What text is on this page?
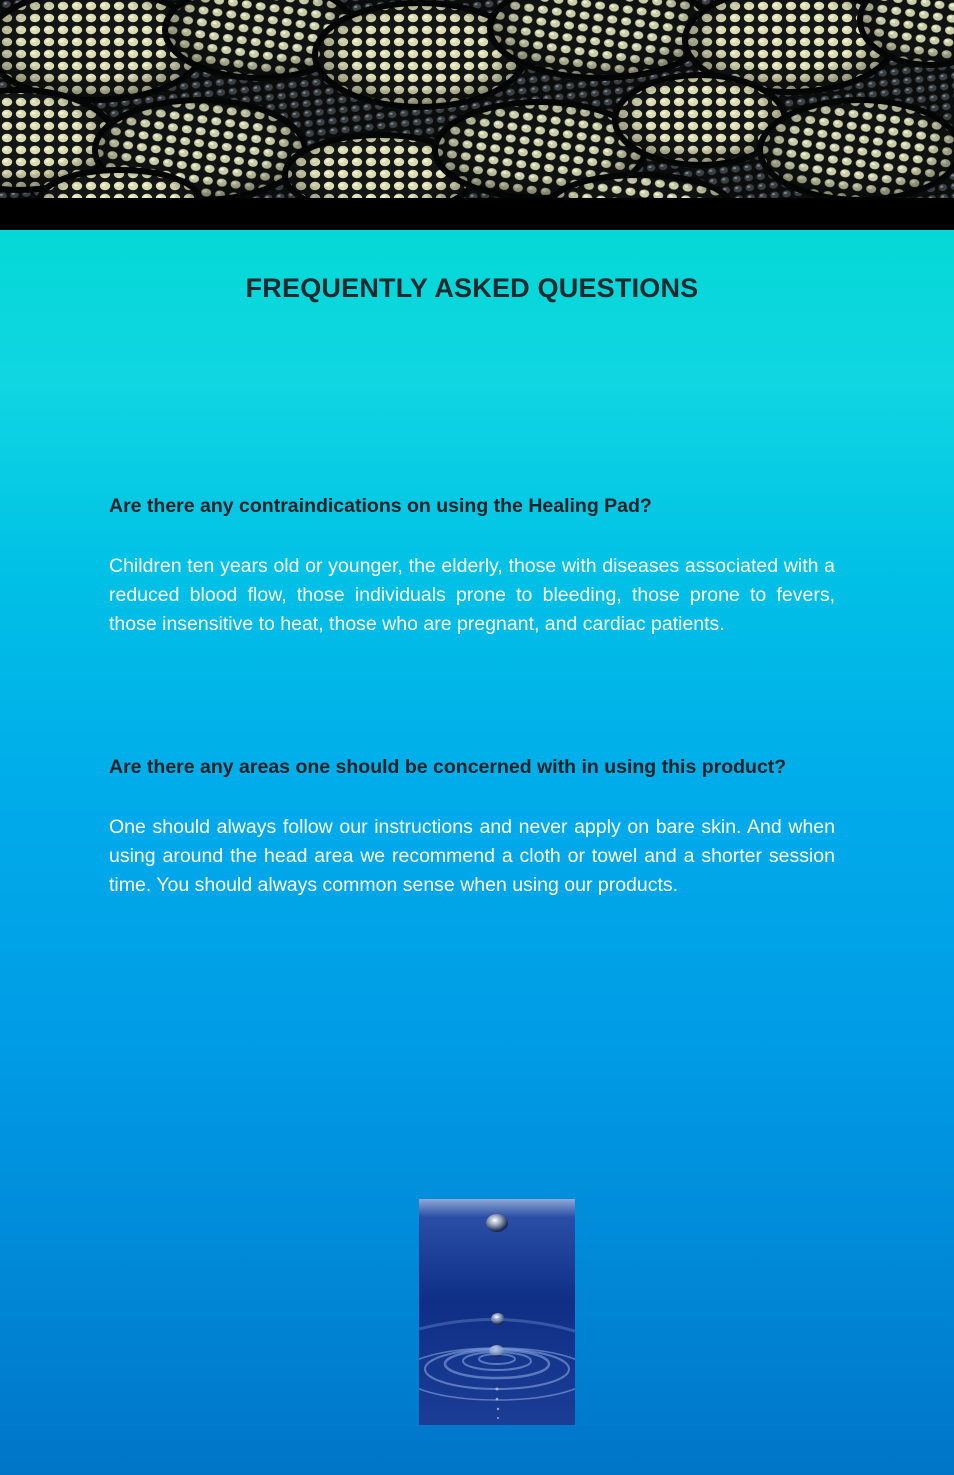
FREQUENTLY ASKED QUESTIONS
Are there any contraindications on using the Healing Pad?
Children ten years old or younger, the elderly, those with diseases associated with a reduced blood flow, those individuals prone to bleeding, those prone to fevers, those insensitive to heat, those who are pregnant, and cardiac patients.
Are there any areas one should be concerned with in using this product?
One should always follow our instructions and never apply on bare skin. And when using around the head area we recommend a cloth or towel and a shorter session time. You should always common sense when using our products.
